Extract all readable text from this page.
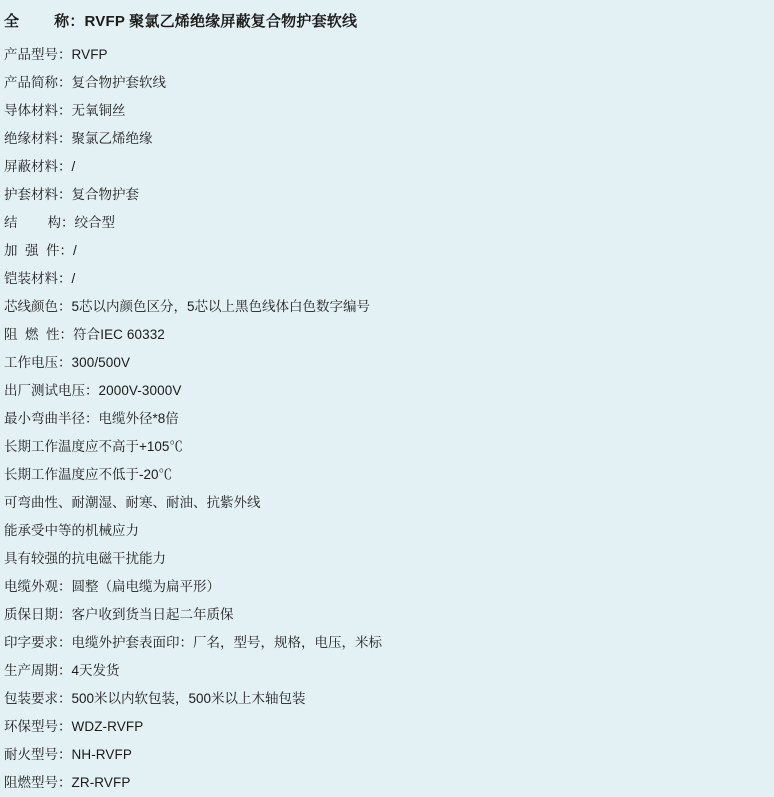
全        称： RVFP 聚氯乙烯绝缘屏蔽复合物护套软线
产品型号： RVFP
产品简称： 复合物护套软线
导体材料： 无氧铜丝
绝缘材料： 聚氯乙烯绝缘
屏蔽材料： /
护套材料： 复合物护套
结        构： 绞合型
加  强  件： /
铠装材料： /
芯线颜色： 5芯以内颜色区分，5芯以上黑色线体白色数字编号
阻  燃  性： 符合IEC 60332
工作电压： 300/500V
出厂测试电压： 2000V-3000V
最小弯曲半径： 电缆外径*8倍
长期工作温度应不高于+105℃
长期工作温度应不低于-20℃
可弯曲性、耐潮湿、耐寒、耐油、抗紫外线
能承受中等的机械应力
具有较强的抗电磁干扰能力
电缆外观： 圆整（扁电缆为扁平形）
质保日期： 客户收到货当日起二年质保
印字要求： 电缆外护套表面印：厂名，型号，规格，电压，米标
生产周期： 4天发货
包装要求： 500米以内软包装，500米以上木轴包装
环保型号： WDZ-RVFP
耐火型号： NH-RVFP
阻燃型号： ZR-RVFP
